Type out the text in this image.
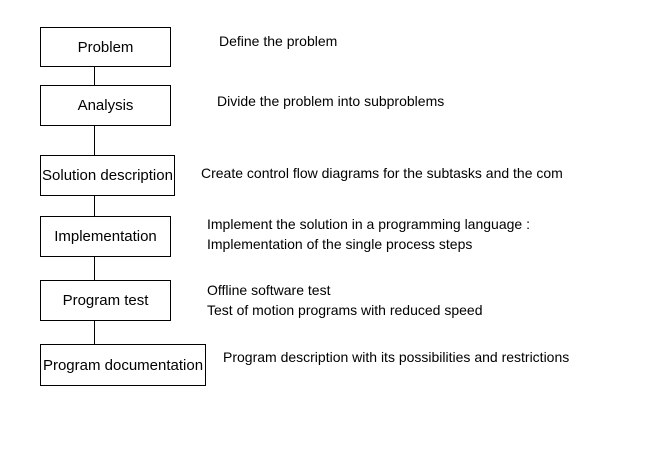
Problem
Analysis
Solution description
Implementation
Program test
Program documentation
Define the problem
Divide the problem into subproblems
Create control flow diagrams for the subtasks and the com
Implement the solution in a programming language :
Implementation of the single process steps
Offline software test
Test of motion programs with reduced speed
Program description with its possibilities and restrictions
